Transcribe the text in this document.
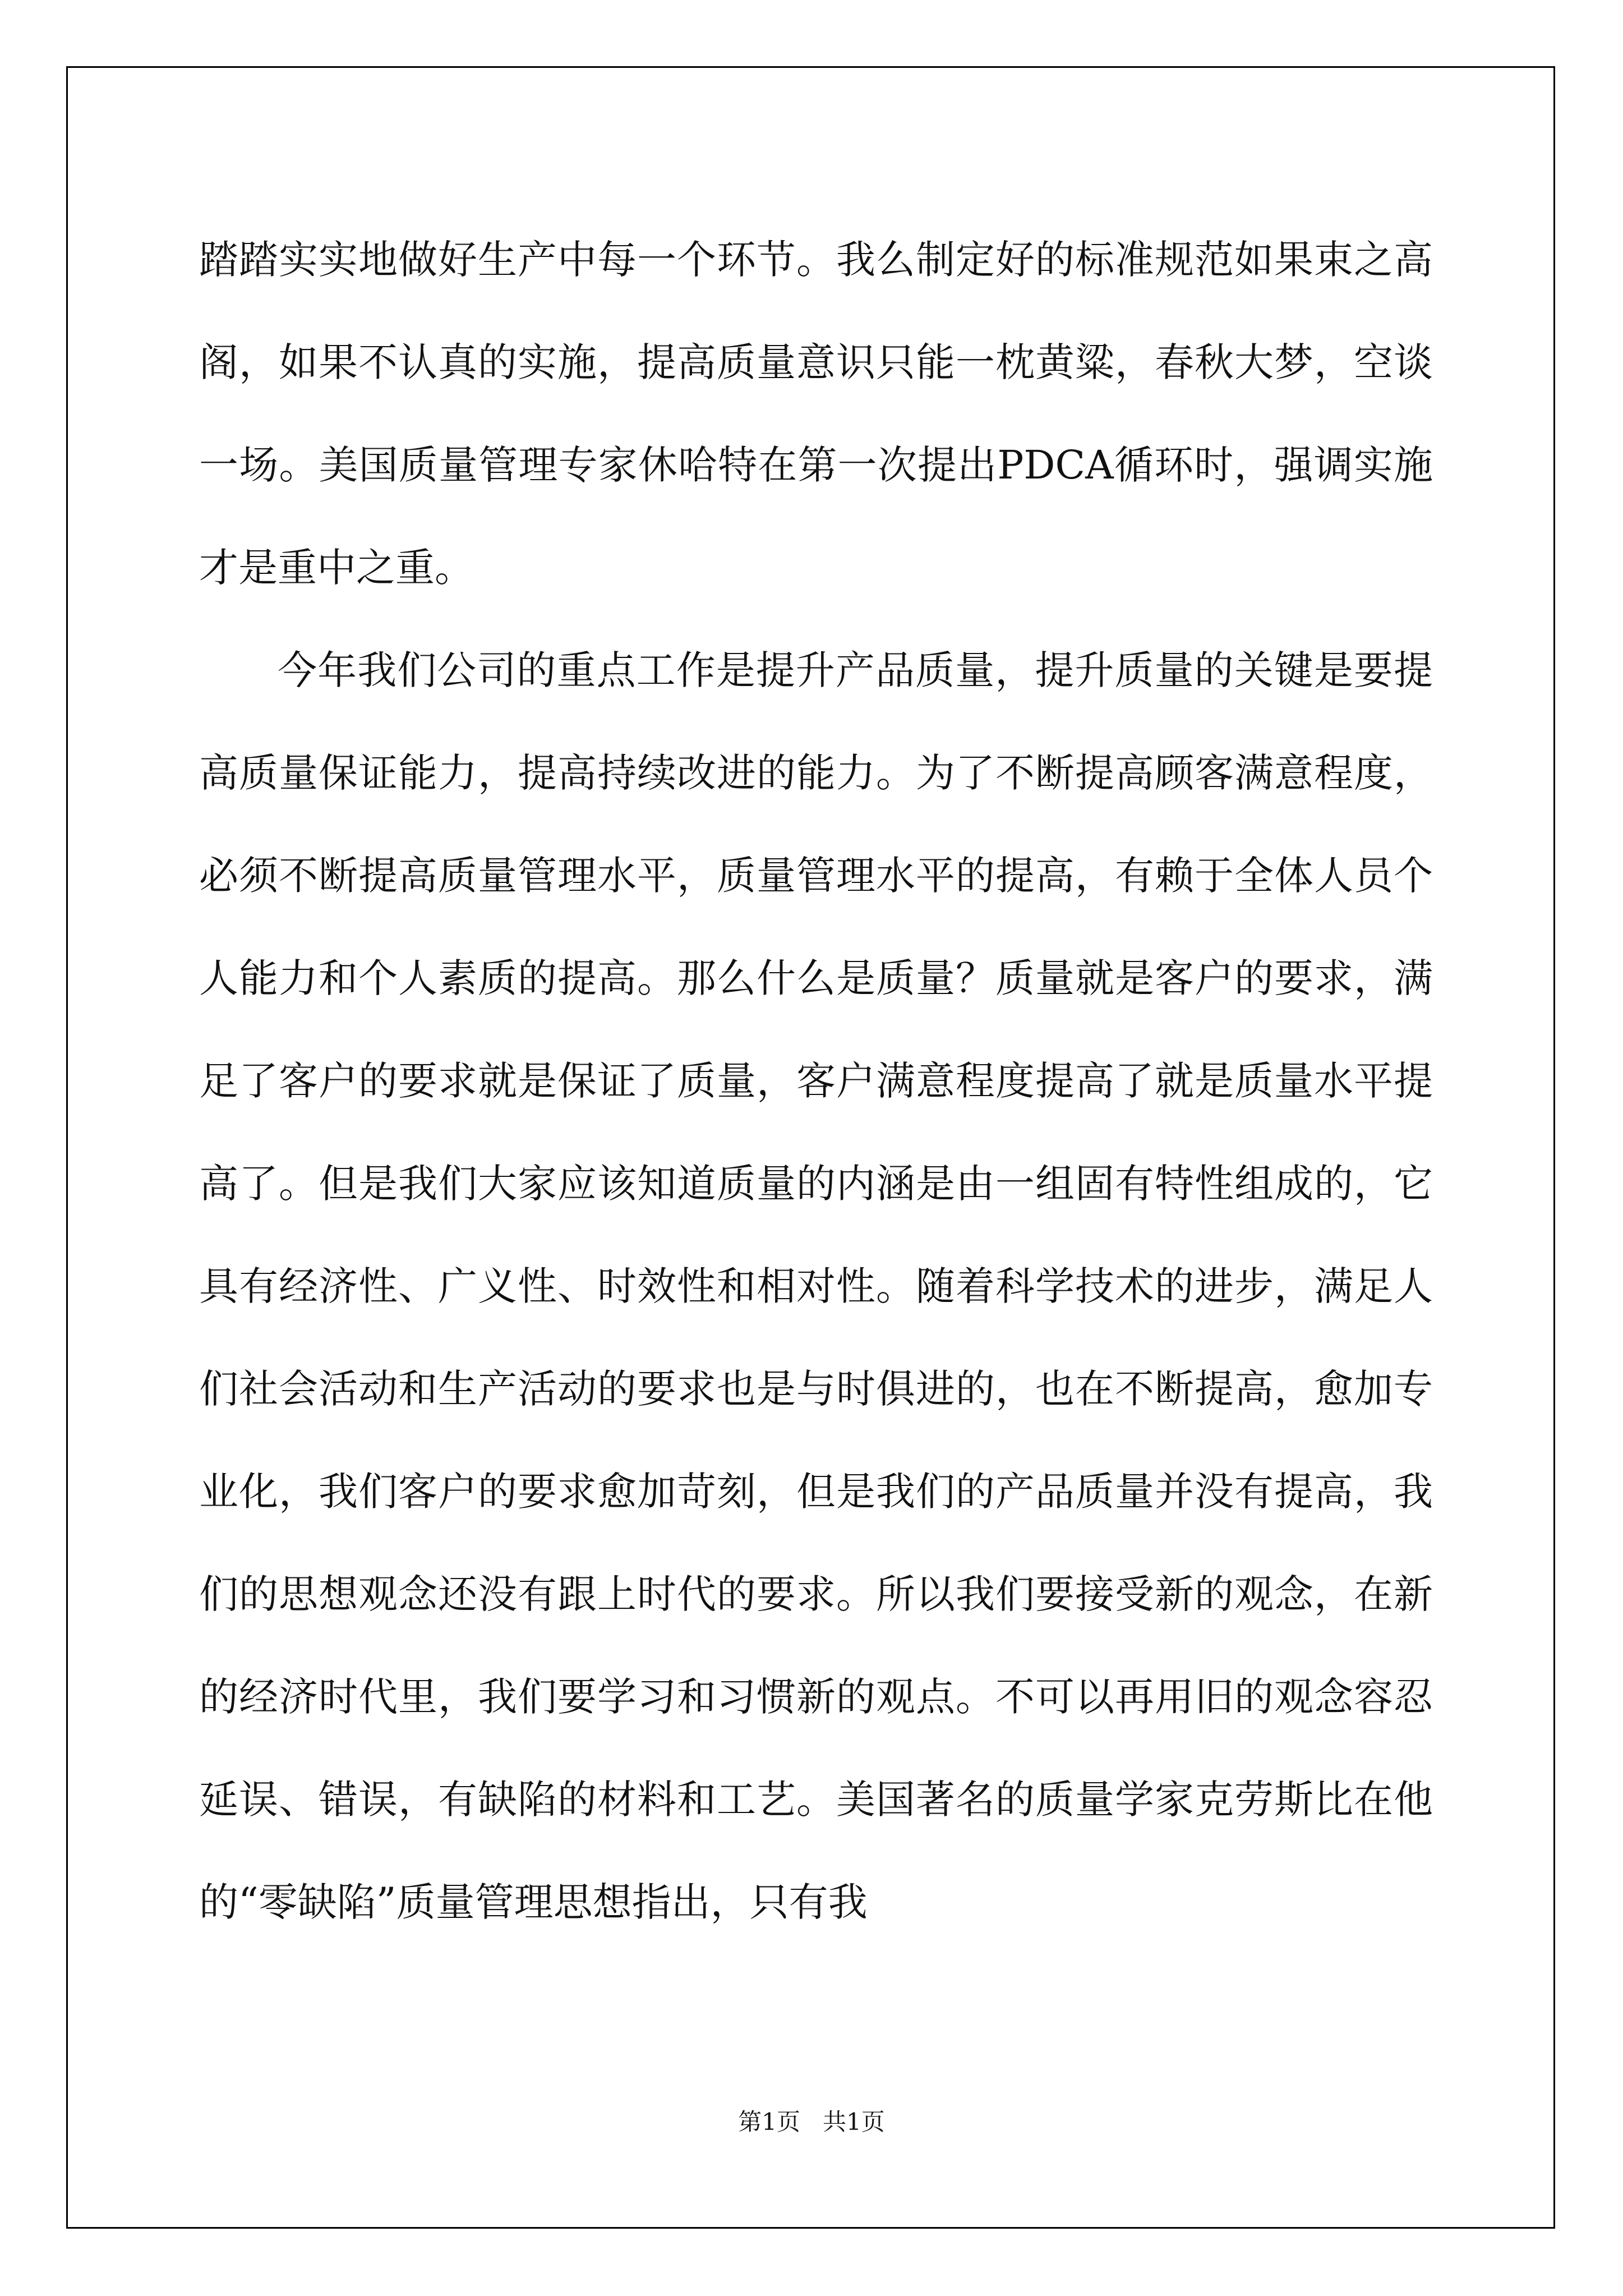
踏踏实实地做好生产中每一个环节。我么制定好的标准规范如果束之高阁，如果不认真的实施，提高质量意识只能一枕黄粱，春秋大梦，空谈一场。美国质量管理专家休哈特在第一次提出PDCA循环时，强调实施才是重中之重。

今年我们公司的重点工作是提升产品质量，提升质量的关键是要提高质量保证能力，提高持续改进的能力。为了不断提高顾客满意程度，必须不断提高质量管理水平，质量管理水平的提高，有赖于全体人员个人能力和个人素质的提高。那么什么是质量？质量就是客户的要求，满足了客户的要求就是保证了质量，客户满意程度提高了就是质量水平提高了。但是我们大家应该知道质量的内涵是由一组固有特性组成的，它具有经济性、广义性、时效性和相对性。随着科学技术的进步，满足人们社会活动和生产活动的要求也是与时俱进的，也在不断提高，愈加专业化，我们客户的要求愈加苛刻，但是我们的产品质量并没有提高，我们的思想观念还没有跟上时代的要求。所以我们要接受新的观念，在新的经济时代里，我们要学习和习惯新的观点。不可以再用旧的观念容忍延误、错误，有缺陷的材料和工艺。美国著名的质量学家克劳斯比在他的“零缺陷”质量管理思想指出，只有我

第1页   共1页
